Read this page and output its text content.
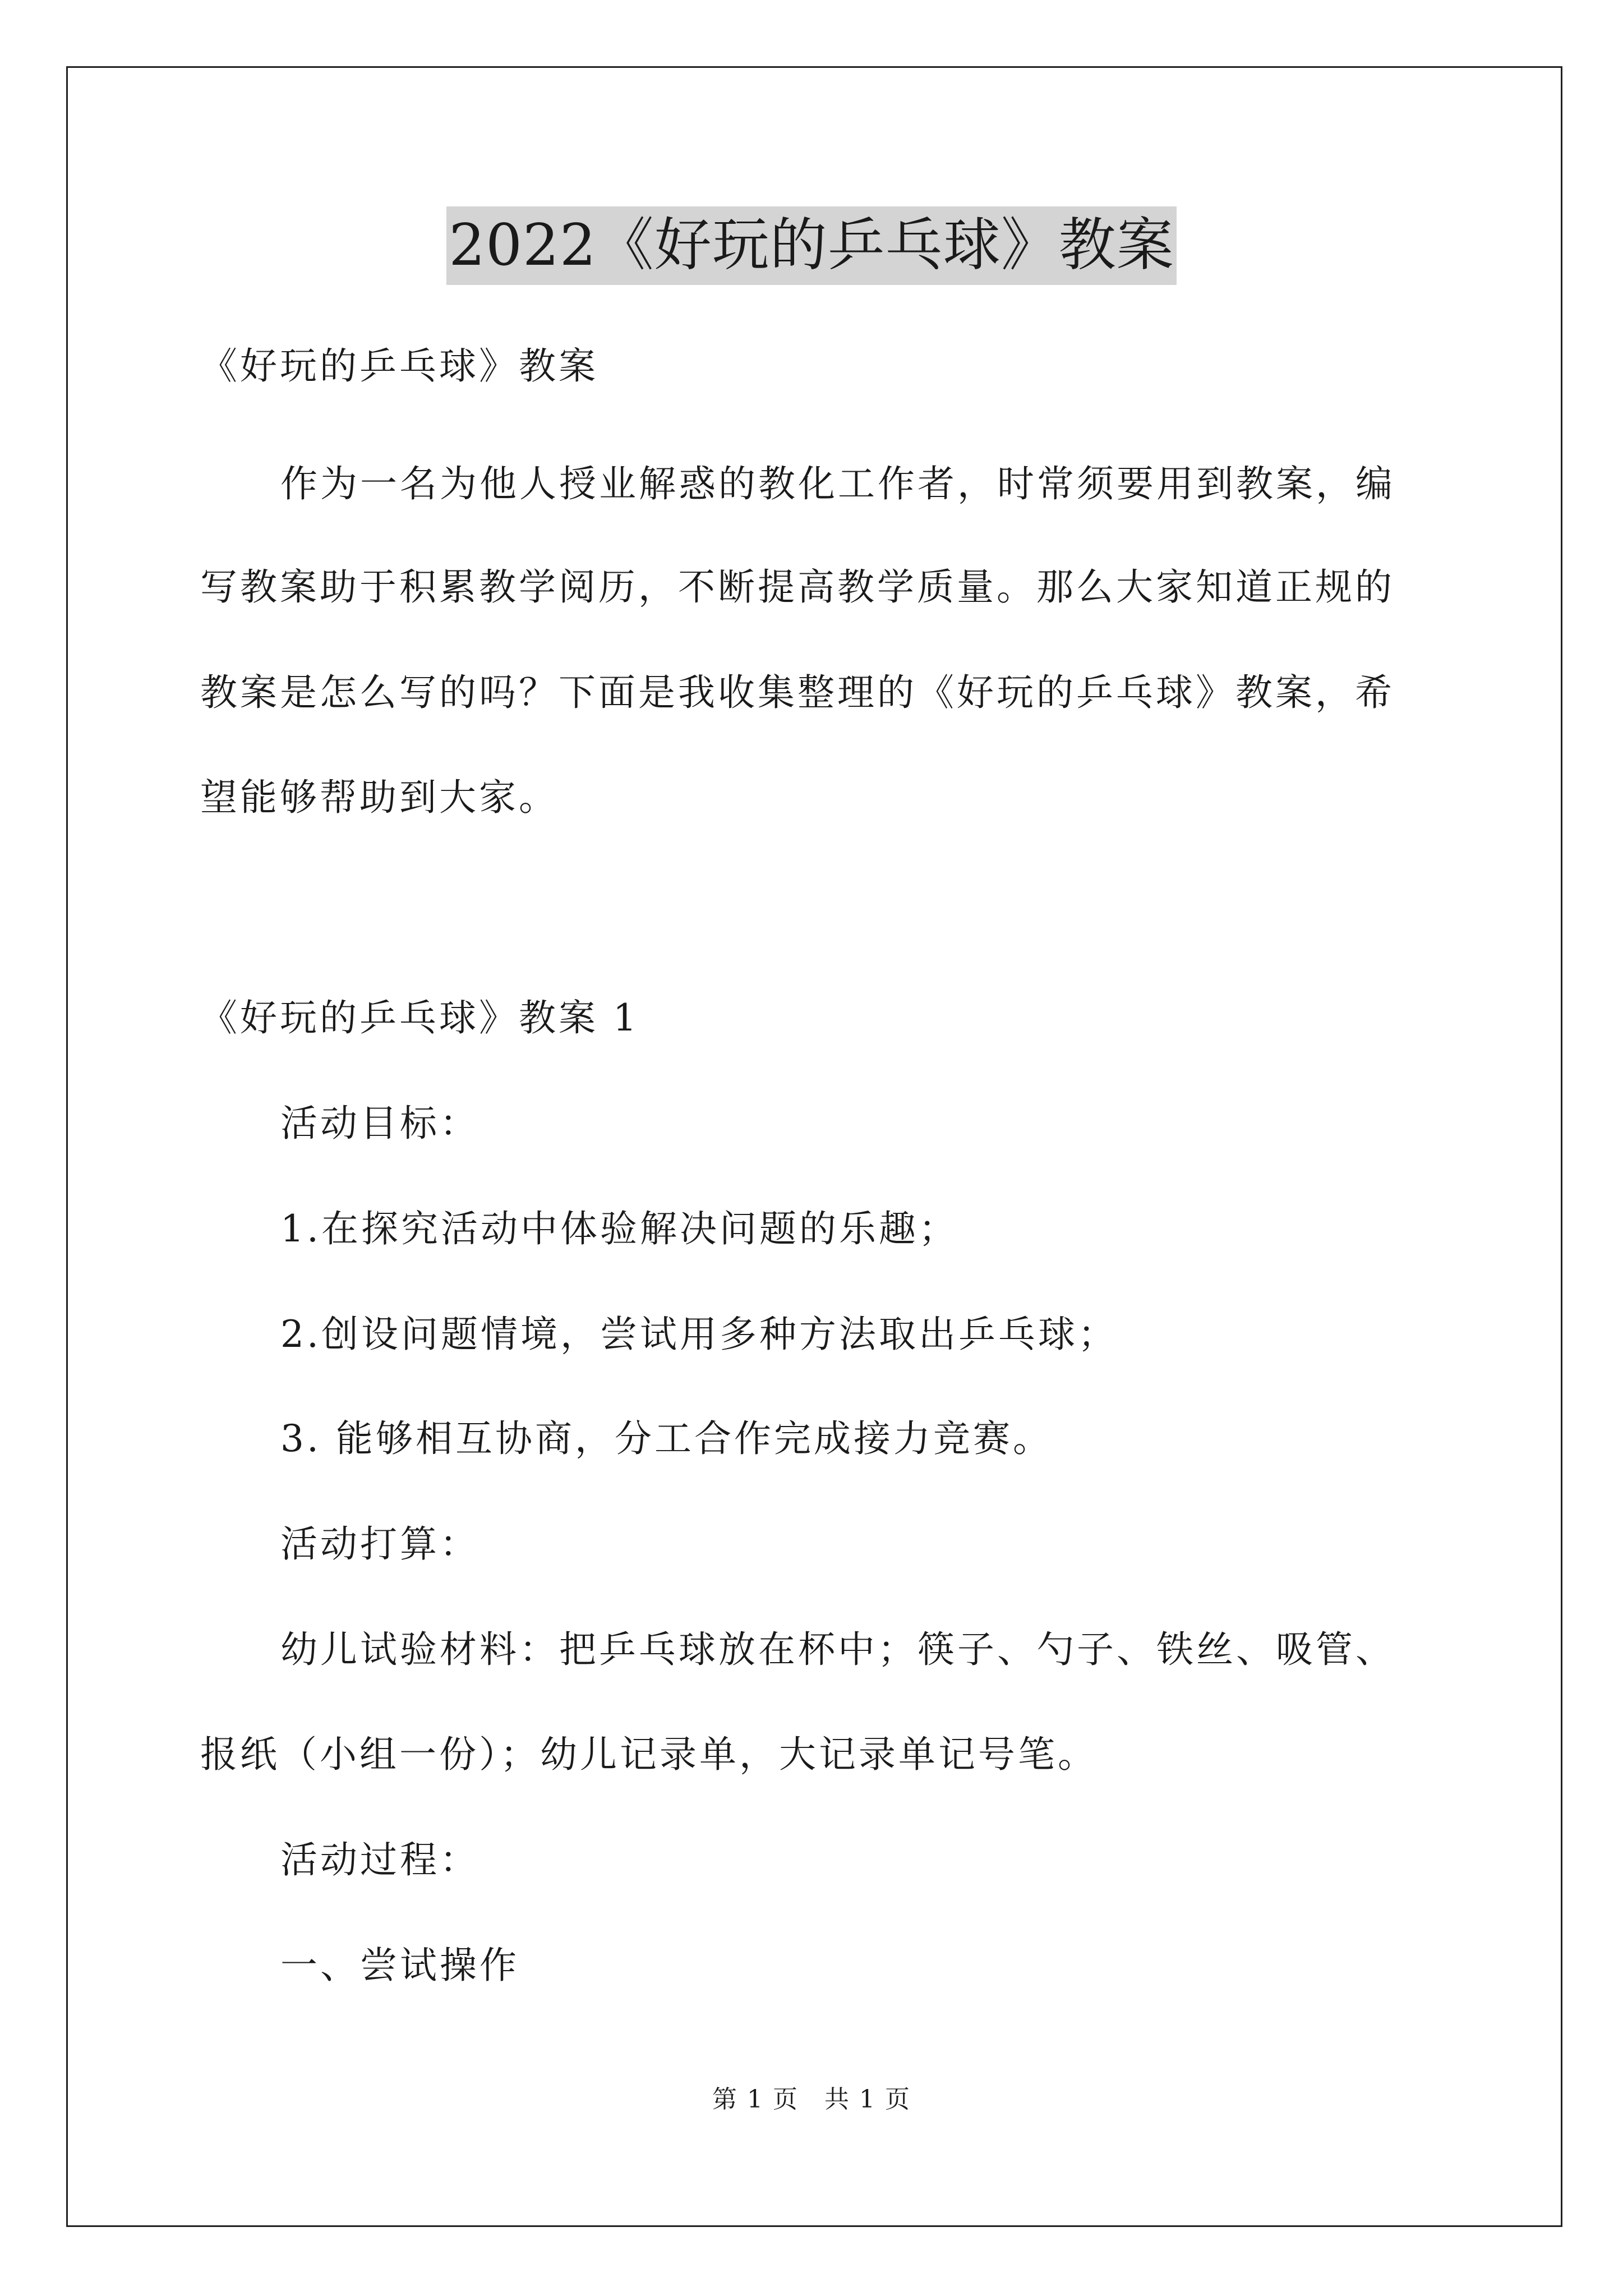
2022《好玩的乒乓球》教案
《好玩的乒乓球》教案
作为一名为他人授业解惑的教化工作者，时常须要用到教案，编
写教案助于积累教学阅历，不断提高教学质量。那么大家知道正规的
教案是怎么写的吗？下面是我收集整理的《好玩的乒乓球》教案，希
望能够帮助到大家。
《好玩的乒乓球》教案 1
活动目标：
1.在探究活动中体验解决问题的乐趣；
2.创设问题情境，尝试用多种方法取出乒乓球；
3. 能够相互协商，分工合作完成接力竞赛。
活动打算：
幼儿试验材料：把乒乓球放在杯中；筷子、勺子、铁丝、吸管、
报纸（小组一份）；幼儿记录单，大记录单记号笔。
活动过程：
一、尝试操作
第 1 页　共 1 页
